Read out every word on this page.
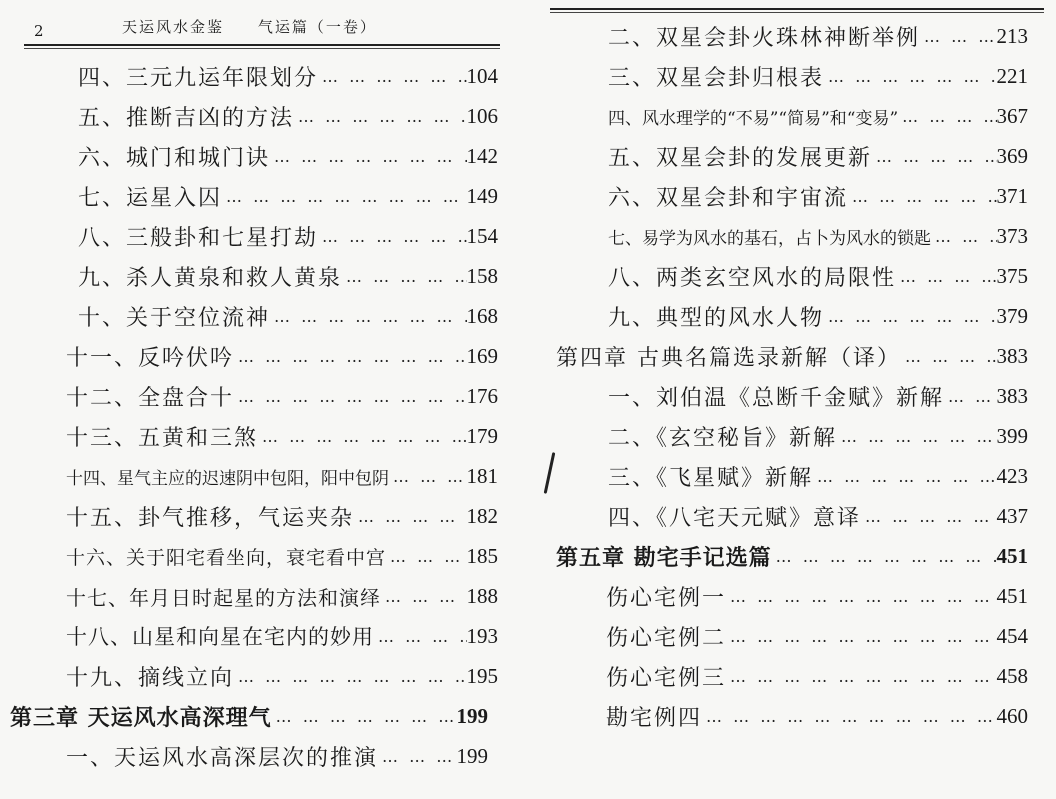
2	天运风水金鉴     气运篇（一卷）
四、三元九运年限划分 … … … … … … … … … … … … … … … … … … … … … … … … … … … … … …	104
五、推断吉凶的方法 … … … … … … … … … … … … … … … … … … … … … … … … … … … … … …	106
六、城门和城门诀 … … … … … … … … … … … … … … … … … … … … … … … … … … … … … …	142
七、运星入囚 … … … … … … … … … … … … … … … … … … … … … … … … … … … … … …	149
八、三般卦和七星打劫 … … … … … … … … … … … … … … … … … … … … … … … … … … … … … …	154
九、杀人黄泉和救人黄泉 … … … … … … … … … … … … … … … … … … … … … … … … … … … … … …	158
十、关于空位流神 … … … … … … … … … … … … … … … … … … … … … … … … … … … … … …	168
十一、反吟伏吟 … … … … … … … … … … … … … … … … … … … … … … … … … … … … … …	169
十二、全盘合十 … … … … … … … … … … … … … … … … … … … … … … … … … … … … … …	176
十三、五黄和三煞 … … … … … … … … … … … … … … … … … … … … … … … … … … … … … …	179
十四、星气主应的迟速阴中包阳，阳中包阴 … … … … … … … … … … … … … … … … … … … … … … … … … … … … … …	181
十五、卦气推移，气运夹杂 … … … … … … … … … … … … … … … … … … … … … … … … … … … … … …	182
十六、关于阳宅看坐向，衰宅看中宫 … … … … … … … … … … … … … … … … … … … … … … … … … … … … … …	185
十七、年月日时起星的方法和演绎 … … … … … … … … … … … … … … … … … … … … … … … … … … … … … …	188
十八、山星和向星在宅内的妙用 … … … … … … … … … … … … … … … … … … … … … … … … … … … … … …	193
十九、摘线立向 … … … … … … … … … … … … … … … … … … … … … … … … … … … … … …	195
第三章 天运风水高深理气 … … … … … … … … … … … … … … … … … … … … … … … … … … … … … …	199
一、天运风水高深层次的推演 … … … … … … … … … … … … … … … … … … … … … … … … … … … … … …	199
二、双星会卦火珠林神断举例 … … … … … … … … … … … … … … … … … … … … … … … … … … … … … …	213
三、双星会卦归根表 … … … … … … … … … … … … … … … … … … … … … … … … … … … … … …	221
四、风水理学的“不易”“简易”和“变易” … … … … … … … … … … … … … … … … … … … … … … … … … … … … … …	367
五、双星会卦的发展更新 … … … … … … … … … … … … … … … … … … … … … … … … … … … … … …	369
六、双星会卦和宇宙流 … … … … … … … … … … … … … … … … … … … … … … … … … … … … … …	371
七、易学为风水的基石，占卜为风水的锁匙 … … … … … … … … … … … … … … … … … … … … … … … … … … … … … …	373
八、两类玄空风水的局限性 … … … … … … … … … … … … … … … … … … … … … … … … … … … … … …	375
九、典型的风水人物 … … … … … … … … … … … … … … … … … … … … … … … … … … … … … …	379
第四章 古典名篇选录新解（译） … … … … … … … … … … … … … … … … … … … … … … … … … … … … … …	383
一、刘伯温《总断千金赋》新解 … … … … … … … … … … … … … … … … … … … … … … … … … … … … … … 383
二、《玄空秘旨》新解 … … … … … … … … … … … … … … … … … … … … … … … … … … … … … …	399
三、《飞星赋》新解 … … … … … … … … … … … … … … … … … … … … … … … … … … … … … …	423
四、《八宅天元赋》意译 … … … … … … … … … … … … … … … … … … … … … … … … … … … … … …	437
第五章 勘宅手记选篇 … … … … … … … … … … … … … … … … … … … … … … … … … … … … … …	451
伤心宅例一 … … … … … … … … … … … … … … … … … … … … … … … … … … … … … …	451
伤心宅例二 … … … … … … … … … … … … … … … … … … … … … … … … … … … … … …	454
伤心宅例三 … … … … … … … … … … … … … … … … … … … … … … … … … … … … … …	458
勘宅例四 … … … … … … … … … … … … … … … … … … … … … … … … … … … … … …	460
